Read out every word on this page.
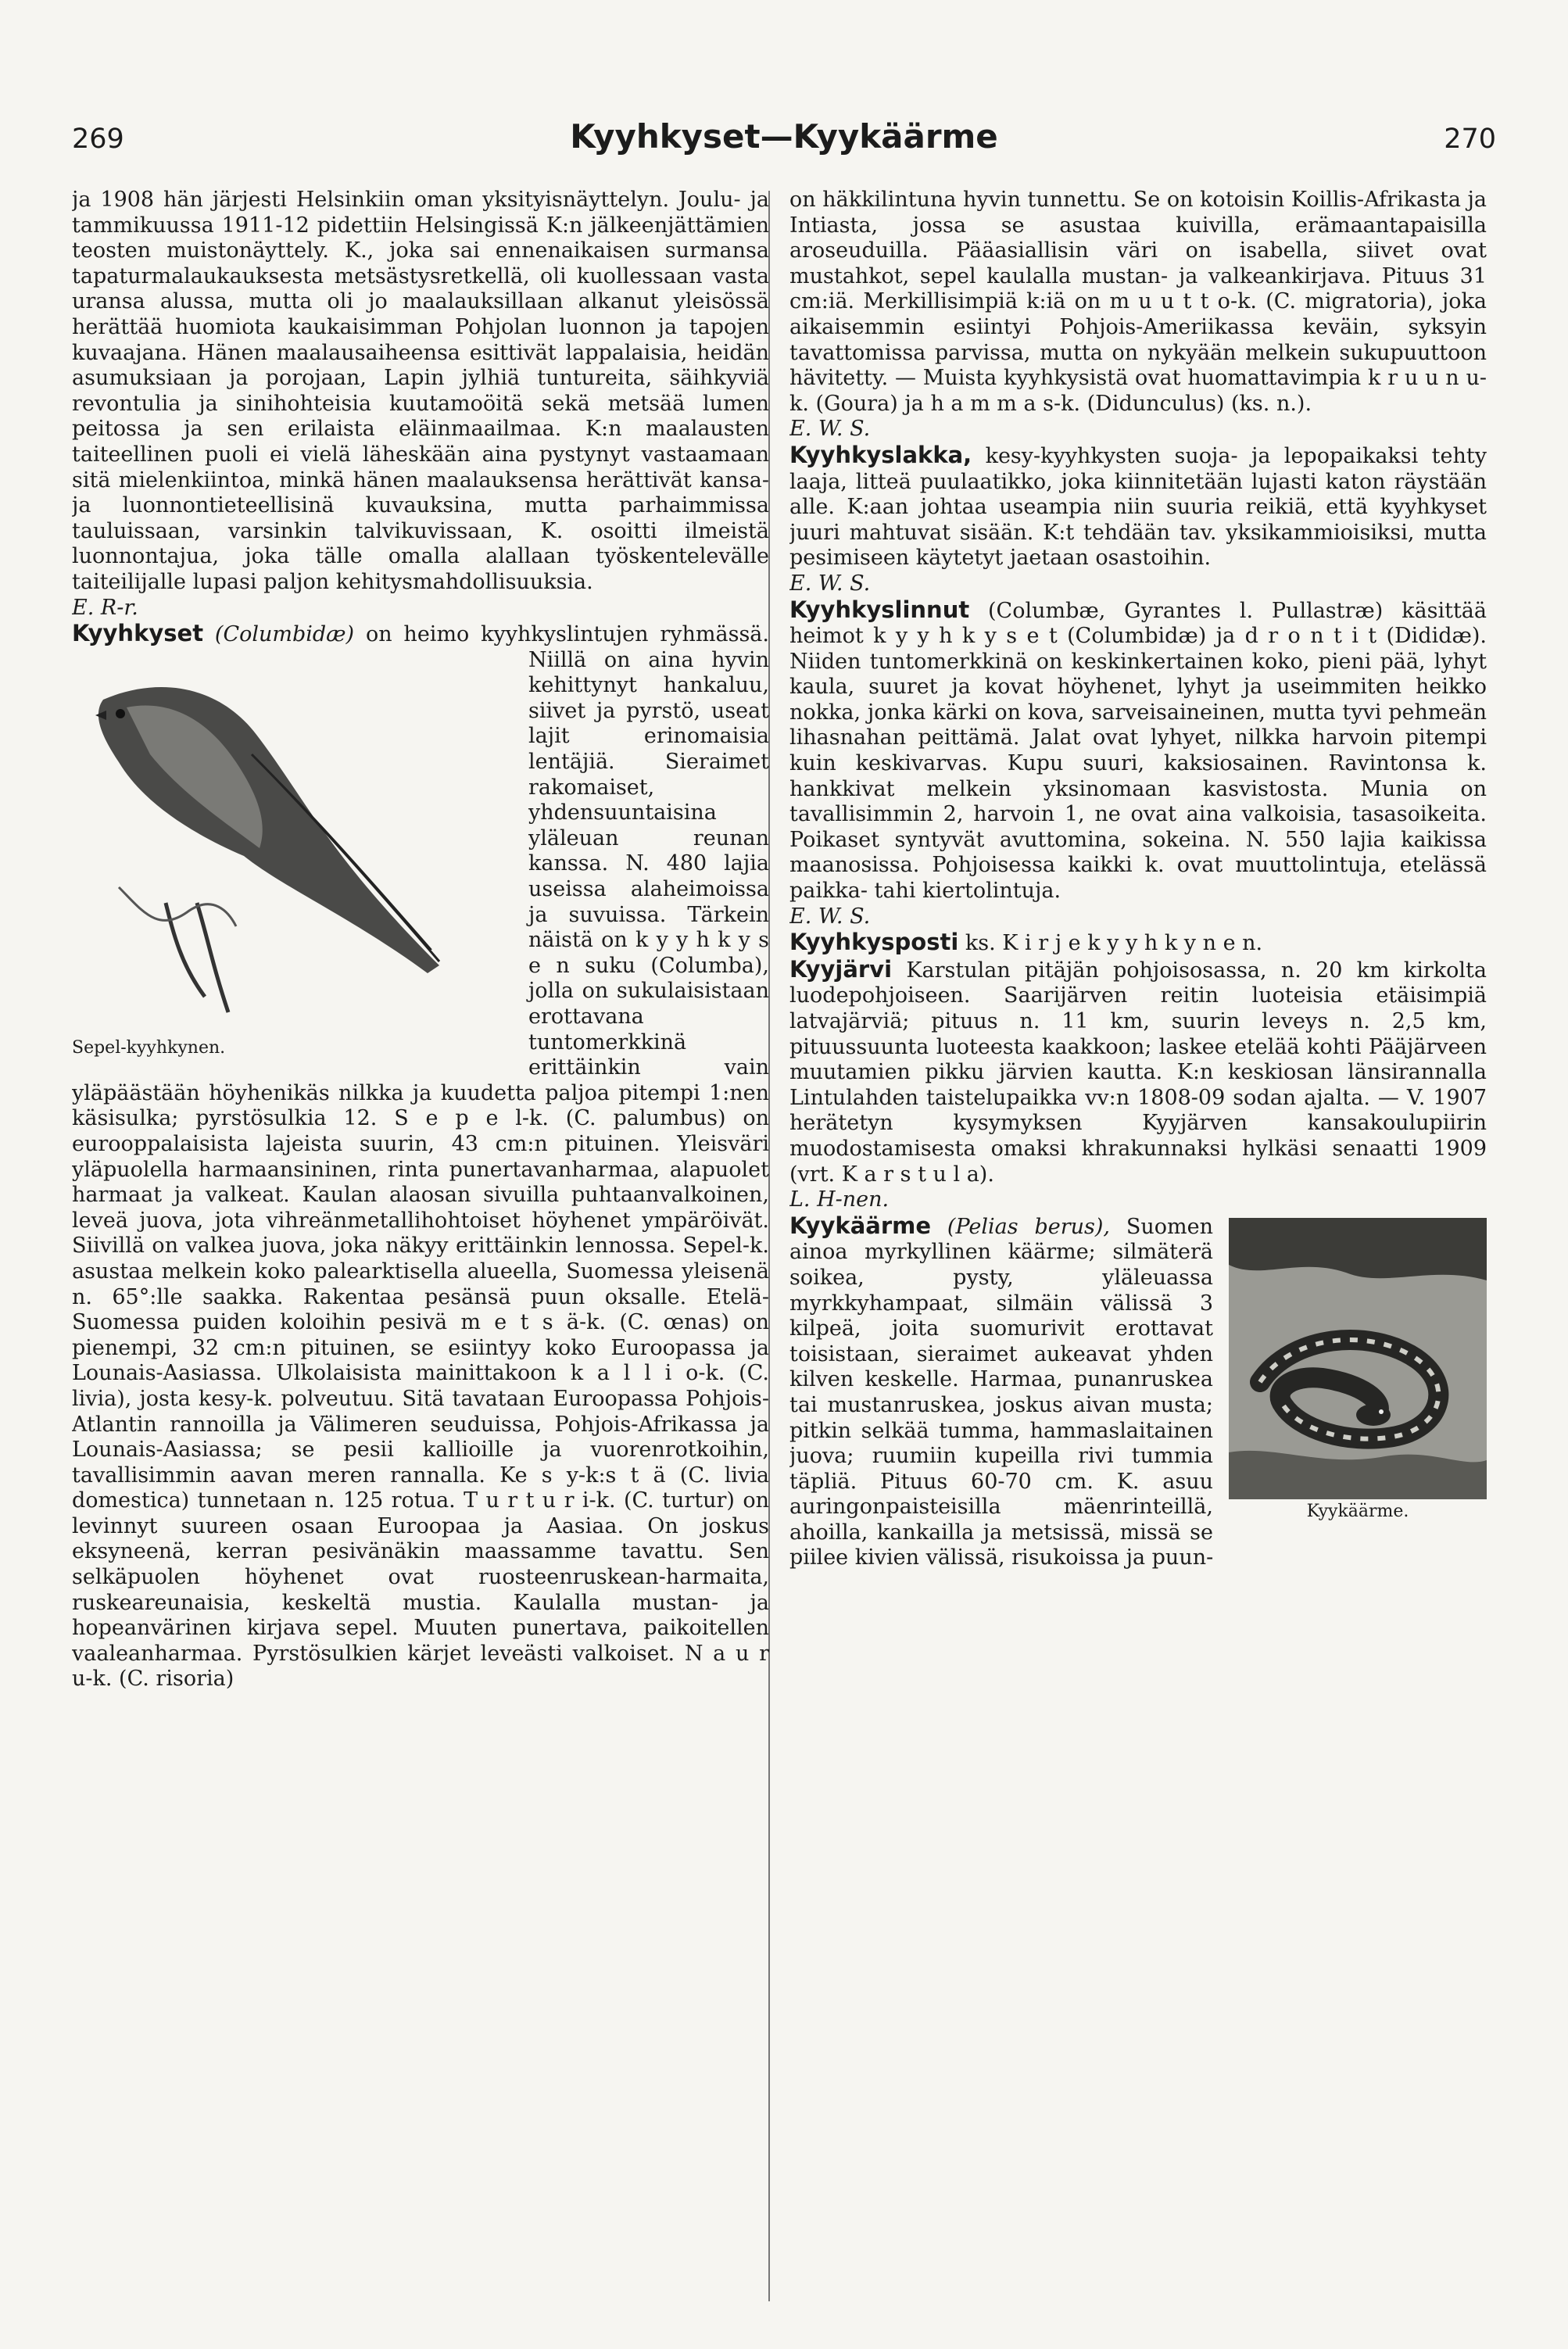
269	Kyyhkyset—Kyykäärme	270

ja 1908 hän järjesti Helsinkiin oman yksityisnäyttelyn. Joulu- ja tammikuussa 1911-12 pidettiin Helsingissä K:n jälkeenjättämien teosten muistonäyttely. K., joka sai ennenaikaisen surmansa tapaturmalaukauksesta metsästysretkellä, oli kuollessaan vasta uransa alussa, mutta oli jo maalauksillaan alkanut yleisössä herättää huomiota kaukaisimman Pohjolan luonnon ja tapojen kuvaajana. Hänen maalausaiheensa esittivät lappalaisia, heidän asumuksiaan ja porojaan, Lapin jylhiä tuntureita, säihkyviä revontulia ja sinihohteisia kuutamoöitä sekä metsää lumen peitossa ja sen erilaista eläinmaailmaa. K:n maalausten taiteellinen puoli ei vielä läheskään aina pystynyt vastaamaan sitä mielenkiintoa, minkä hänen maalauksensa herättivät kansa- ja luonnontieteellisinä kuvauksina, mutta parhaimmissa tauluissaan, varsinkin talvikuvissaan, K. osoitti ilmeistä luonnontajua, joka tälle omalla alallaan työskentelevälle taiteilijalle lupasi paljon kehitysmahdollisuuksia.

E. R-r.

Kyyhkyset (Columbidæ)
Sepel-kyyhkynen.
on heimo kyyhkyslintujen ryhmässä. Niillä on aina hyvin kehittynyt hankaluu, siivet ja pyrstö, useat lajit erinomaisia lentäjiä. Sieraimet rakomaiset, yhdensuuntaisina yläleuan reunan kanssa. N. 480 lajia useissa alaheimoissa ja suvuissa. Tärkein näistä on k y y h k y s e n suku (Columba), jolla on sukulaisistaan erottavana tuntomerkkinä erittäinkin vain yläpäästään höyhenikäs nilkka ja kuudetta paljoa pitempi 1:nen käsisulka; pyrstösulkia 12. S e p e l-k. (C. palumbus) on eurooppalaisista lajeista suurin, 43 cm:n pituinen. Yleisväri yläpuolella harmaansininen, rinta punertavanharmaa, alapuolet harmaat ja valkeat. Kaulan alaosan sivuilla puhtaanvalkoinen, leveä juova, jota vihreänmetallihohtoiset höyhenet ympäröivät. Siivillä on valkea juova, joka näkyy erittäinkin lennossa. Sepel-k. asustaa melkein koko palearktisella alueella, Suomessa yleisenä n. 65°:lle saakka. Rakentaa pesänsä puun oksalle. Etelä-Suomessa puiden koloihin pesivä m e t s ä-k. (C. œnas) on pienempi, 32 cm:n pituinen, se esiintyy koko Euroopassa ja Lounais-Aasiassa. Ulkolaisista mainittakoon k a l l i o-k. (C. livia), josta kesy-k. polveutuu. Sitä tavataan Euroopassa Pohjois-Atlantin rannoilla ja Välimeren seuduissa, Pohjois-Afrikassa ja Lounais-Aasiassa; se pesii kallioille ja vuorenrotkoihin, tavallisimmin aavan meren rannalla. Ke s y-k:s t ä (C. livia domestica) tunnetaan n. 125 rotua. T u r t u r i-k. (C. turtur) on levinnyt suureen osaan Euroopaa ja Aasiaa. On joskus eksyneenä, kerran pesivänäkin maassamme tavattu. Sen selkäpuolen höyhenet ovat ruosteenruskean-harmaita, ruskeareunaisia, keskeltä mustia. Kaulalla mustan- ja hopeanvärinen kirjava sepel. Muuten punertava, paikoitellen vaaleanharmaa. Pyrstösulkien kärjet leveästi valkoiset. N a u r u-k. (C. risoria)

on häkkilintuna hyvin tunnettu. Se on kotoisin Koillis-Afrikasta ja Intiasta, jossa se asustaa kuivilla, erämaantapaisilla aroseuduilla. Pääasiallisin väri on isabella, siivet ovat mustahkot, sepel kaulalla mustan- ja valkeankirjava. Pituus 31 cm:iä. Merkillisimpiä k:iä on m u u t t o-k. (C. migratoria), joka aikaisemmin esiintyi Pohjois-Ameriikassa keväin, syksyin tavattomissa parvissa, mutta on nykyään melkein sukupuuttoon hävitetty. — Muista kyyhkysistä ovat huomattavimpia k r u u n u-k. (Goura) ja h a m m a s-k. (Didunculus) (ks. n.).

E. W. S.

Kyyhkyslakka, kesy-kyyhkysten suoja- ja lepopaikaksi tehty laaja, litteä puulaatikko, joka kiinnitetään lujasti katon räystään alle. K:aan johtaa useampia niin suuria reikiä, että kyyhkyset juuri mahtuvat sisään. K:t tehdään tav. yksikammioisiksi, mutta pesimiseen käytetyt jaetaan osastoihin.

E. W. S.

Kyyhkyslinnut (Columbæ, Gyrantes l. Pullastræ) käsittää heimot k y y h k y s e t (Columbidæ) ja d r o n t i t (Dididæ). Niiden tuntomerkkinä on keskinkertainen koko, pieni pää, lyhyt kaula, suuret ja kovat höyhenet, lyhyt ja useimmiten heikko nokka, jonka kärki on kova, sarveisaineinen, mutta tyvi pehmeän lihasnahan peittämä. Jalat ovat lyhyet, nilkka harvoin pitempi kuin keskivarvas. Kupu suuri, kaksiosainen. Ravintonsa k. hankkivat melkein yksinomaan kasvistosta. Munia on tavallisimmin 2, harvoin 1, ne ovat aina valkoisia, tasasoikeita. Poikaset syntyvät avuttomina, sokeina. N. 550 lajia kaikissa maanosissa. Pohjoisessa kaikki k. ovat muuttolintuja, etelässä paikka- tahi kiertolintuja.

E. W. S.

Kyyhkysposti ks. K i r j e k y y h k y n e n.

Kyyjärvi Karstulan pitäjän pohjoisosassa, n. 20 km kirkolta luodepohjoiseen. Saarijärven reitin luoteisia etäisimpiä latvajärviä; pituus n. 11 km, suurin leveys n. 2,5 km, pituussuunta luoteesta kaakkoon; laskee etelää kohti Pääjärveen muutamien pikku järvien kautta. K:n keskiosan länsirannalla Lintulahden taistelupaikka vv:n 1808-09 sodan ajalta. — V. 1907 herätetyn kysymyksen Kyyjärven kansakoulupiirin muodostamisesta omaksi khrakunnaksi hylkäsi senaatti 1909 (vrt. K a r s t u l a).

L. H-nen.

Kyykäärme (Pelias berus),
Kyykäärme.
Suomen ainoa myrkyllinen käärme; silmäterä soikea, pysty, yläleuassa myrkkyhampaat, silmäin välissä 3 kilpeä, joita suomurivit erottavat toisistaan, sieraimet aukeavat yhden kilven keskelle. Harmaa, punanruskea tai mustanruskea, joskus aivan musta; pitkin selkää tumma, hammaslaitainen juova; ruumiin kupeilla rivi tummia täpliä. Pituus 60-70 cm. K. asuu auringonpaisteisilla mäenrinteillä, ahoilla, kankailla ja metsissä, missä se piilee kivien välissä, risukoissa ja puun-
